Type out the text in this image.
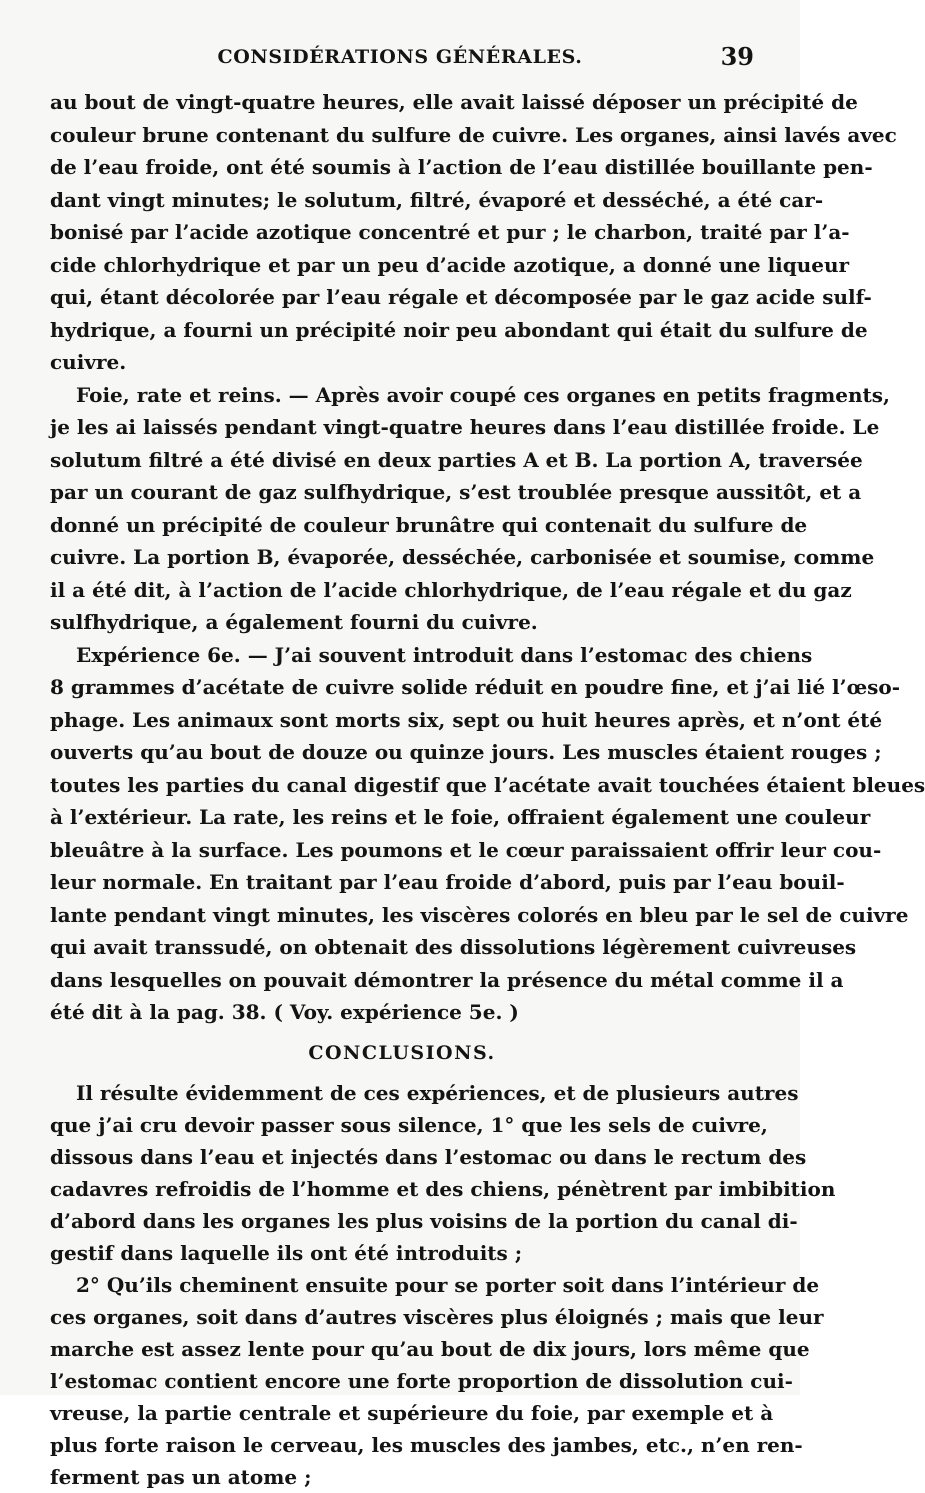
CONSIDÉRATIONS GÉNÉRALES.	39
au bout de vingt-quatre heures, elle avait laissé déposer un précipité de
couleur brune contenant du sulfure de cuivre. Les organes, ainsi lavés avec
de l’eau froide, ont été soumis à l’action de l’eau distillée bouillante pen-
dant vingt minutes; le solutum, filtré, évaporé et desséché, a été car-
bonisé par l’acide azotique concentré et pur ; le charbon, traité par l’a-
cide chlorhydrique et par un peu d’acide azotique, a donné une liqueur
qui, étant décolorée par l’eau régale et décomposée par le gaz acide sulf-
hydrique, a fourni un précipité noir peu abondant qui était du sulfure de
cuivre.
Foie, rate et reins. — Après avoir coupé ces organes en petits fragments,
je les ai laissés pendant vingt-quatre heures dans l’eau distillée froide. Le
solutum filtré a été divisé en deux parties A et B. La portion A, traversée
par un courant de gaz sulfhydrique, s’est troublée presque aussitôt, et a
donné un précipité de couleur brunâtre qui contenait du sulfure de
cuivre. La portion B, évaporée, desséchée, carbonisée et soumise, comme
il a été dit, à l’action de l’acide chlorhydrique, de l’eau régale et du gaz
sulfhydrique, a également fourni du cuivre.
Expérience 6e. — J’ai souvent introduit dans l’estomac des chiens
8 grammes d’acétate de cuivre solide réduit en poudre fine, et j’ai lié l’œso-
phage. Les animaux sont morts six, sept ou huit heures après, et n’ont été
ouverts qu’au bout de douze ou quinze jours. Les muscles étaient rouges ;
toutes les parties du canal digestif que l’acétate avait touchées étaient bleues
à l’extérieur. La rate, les reins et le foie, offraient également une couleur
bleuâtre à la surface. Les poumons et le cœur paraissaient offrir leur cou-
leur normale. En traitant par l’eau froide d’abord, puis par l’eau bouil-
lante pendant vingt minutes, les viscères colorés en bleu par le sel de cuivre
qui avait transsudé, on obtenait des dissolutions légèrement cuivreuses
dans lesquelles on pouvait démontrer la présence du métal comme il a
été dit à la pag. 38. ( Voy. expérience 5e. )
CONCLUSIONS.
Il résulte évidemment de ces expériences, et de plusieurs autres
que j’ai cru devoir passer sous silence, 1° que les sels de cuivre,
dissous dans l’eau et injectés dans l’estomac ou dans le rectum des
cadavres refroidis de l’homme et des chiens, pénètrent par imbibition
d’abord dans les organes les plus voisins de la portion du canal di-
gestif dans laquelle ils ont été introduits ;
2° Qu’ils cheminent ensuite pour se porter soit dans l’intérieur de
ces organes, soit dans d’autres viscères plus éloignés ; mais que leur
marche est assez lente pour qu’au bout de dix jours, lors même que
l’estomac contient encore une forte proportion de dissolution cui-
vreuse, la partie centrale et supérieure du foie, par exemple et à
plus forte raison le cerveau, les muscles des jambes, etc., n’en ren-
ferment pas un atome ;
